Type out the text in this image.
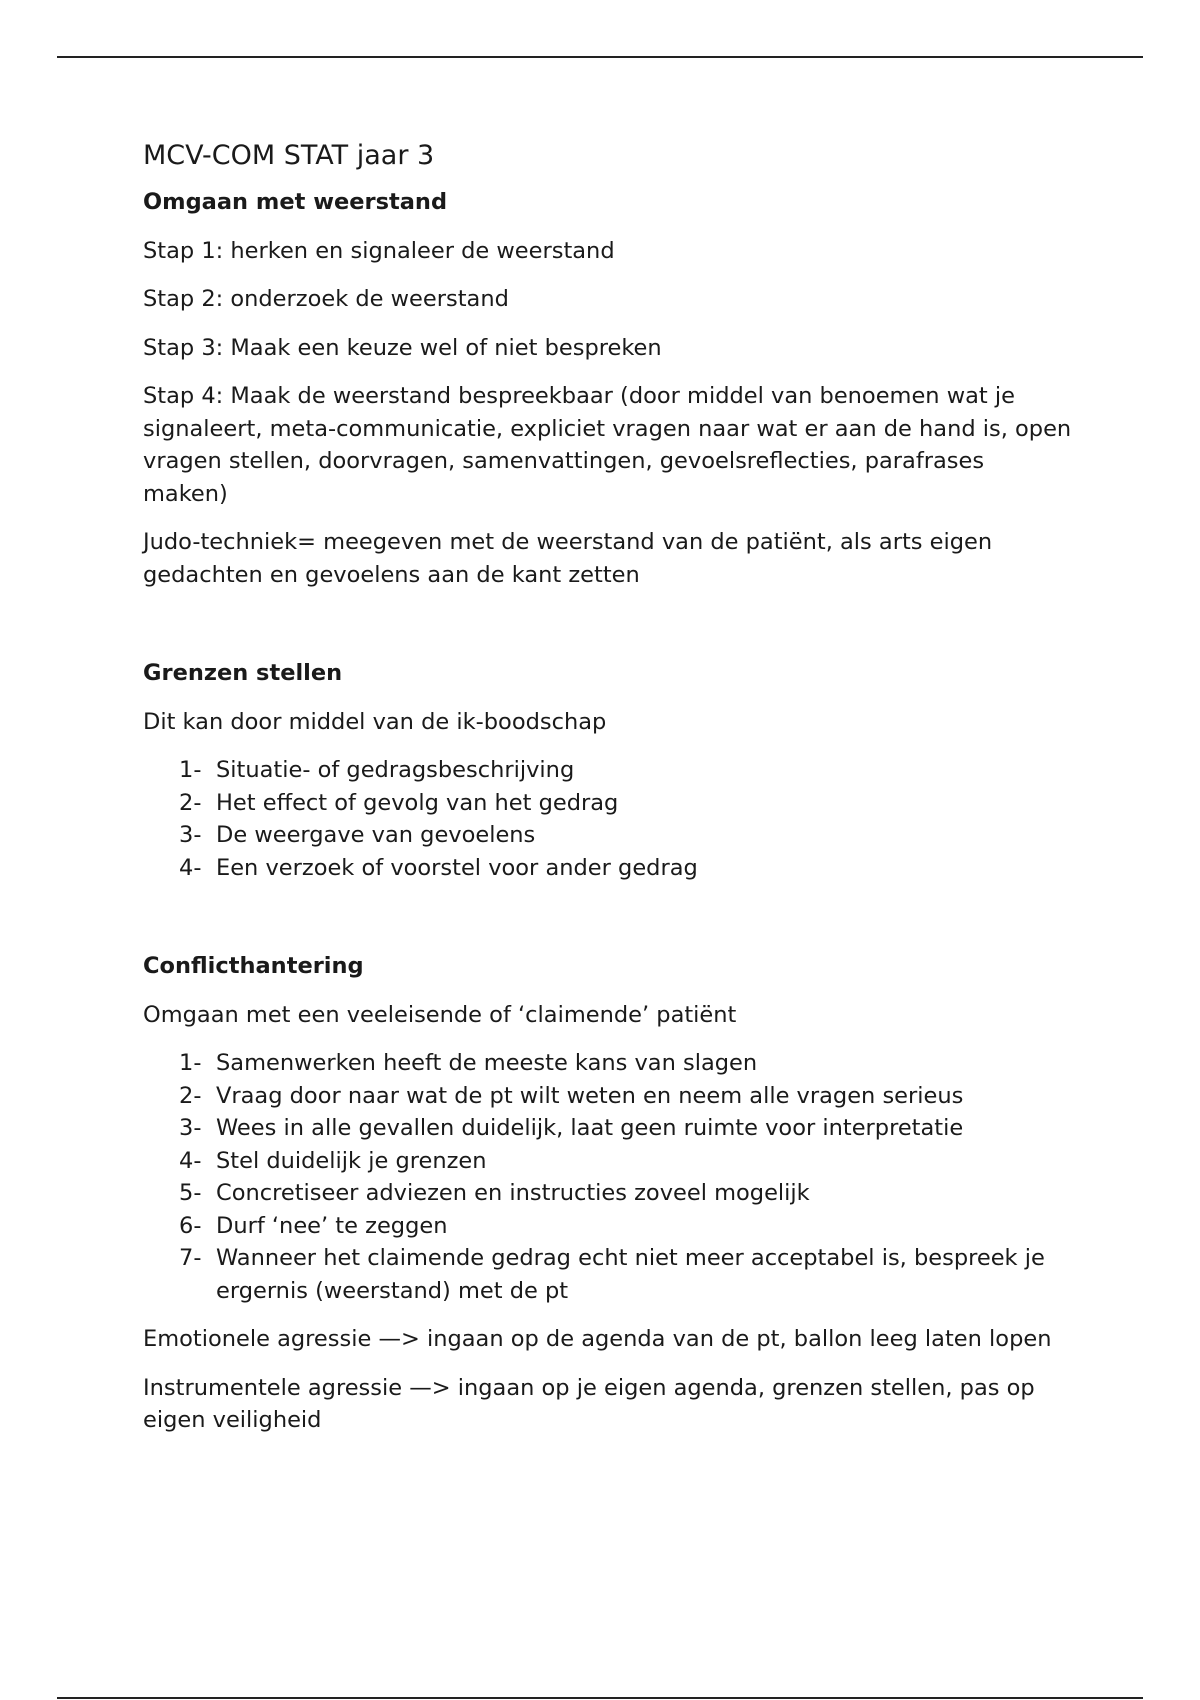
MCV-COM STAT jaar 3
Omgaan met weerstand

Stap 1: herken en signaleer de weerstand

Stap 2: onderzoek de weerstand

Stap 3: Maak een keuze wel of niet bespreken

Stap 4: Maak de weerstand bespreekbaar (door middel van benoemen wat je signaleert, meta-communicatie, expliciet vragen naar wat er aan de hand is, open vragen stellen, doorvragen, samenvattingen, gevoelsreflecties, parafrases maken)

Judo-techniek= meegeven met de weerstand van de patiënt, als arts eigen gedachten en gevoelens aan de kant zetten

Grenzen stellen

Dit kan door middel van de ik-boodschap

1- Situatie- of gedragsbeschrijving
2- Het effect of gevolg van het gedrag
3- De weergave van gevoelens
4- Een verzoek of voorstel voor ander gedrag
Conflicthantering

Omgaan met een veeleisende of ‘claimende’ patiënt

1- Samenwerken heeft de meeste kans van slagen
2- Vraag door naar wat de pt wilt weten en neem alle vragen serieus
3- Wees in alle gevallen duidelijk, laat geen ruimte voor interpretatie
4- Stel duidelijk je grenzen
5- Concretiseer adviezen en instructies zoveel mogelijk
6- Durf ‘nee’ te zeggen
7- Wanneer het claimende gedrag echt niet meer acceptabel is, bespreek je ergernis (weerstand) met de pt

Emotionele agressie —> ingaan op de agenda van de pt, ballon leeg laten lopen

Instrumentele agressie —> ingaan op je eigen agenda, grenzen stellen, pas op eigen veiligheid
